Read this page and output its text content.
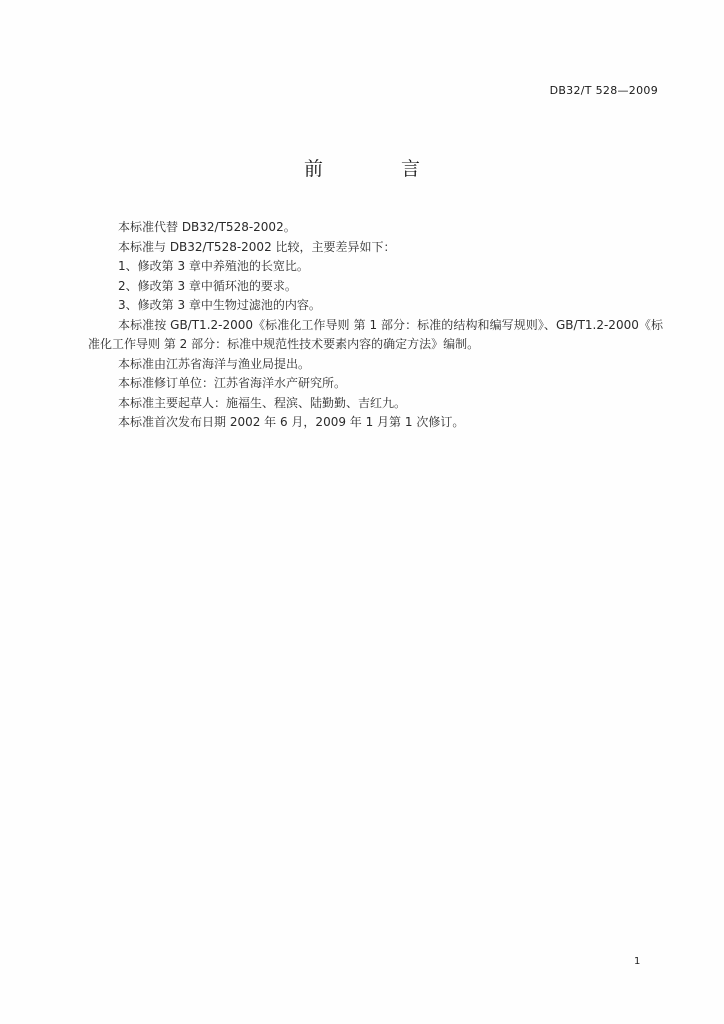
DB32/T 528—2009
前 言

本标准代替 DB32/T528-2002。

本标准与 DB32/T528-2002 比较，主要差异如下：

1、修改第 3 章中养殖池的长宽比。

2、修改第 3 章中循环池的要求。

3、修改第 3 章中生物过滤池的内容。

本标准按 GB/T1.2-2000《标准化工作导则 第 1 部分：标准的结构和编写规则》、GB/T1.2-2000《标准化工作导则 第 2 部分：标准中规范性技术要素内容的确定方法》编制。

本标准由江苏省海洋与渔业局提出。

本标准修订单位：江苏省海洋水产研究所。

本标准主要起草人：施福生、程滨、陆勤勤、吉红九。

本标准首次发布日期 2002 年 6 月，2009 年 1 月第 1 次修订。

1
